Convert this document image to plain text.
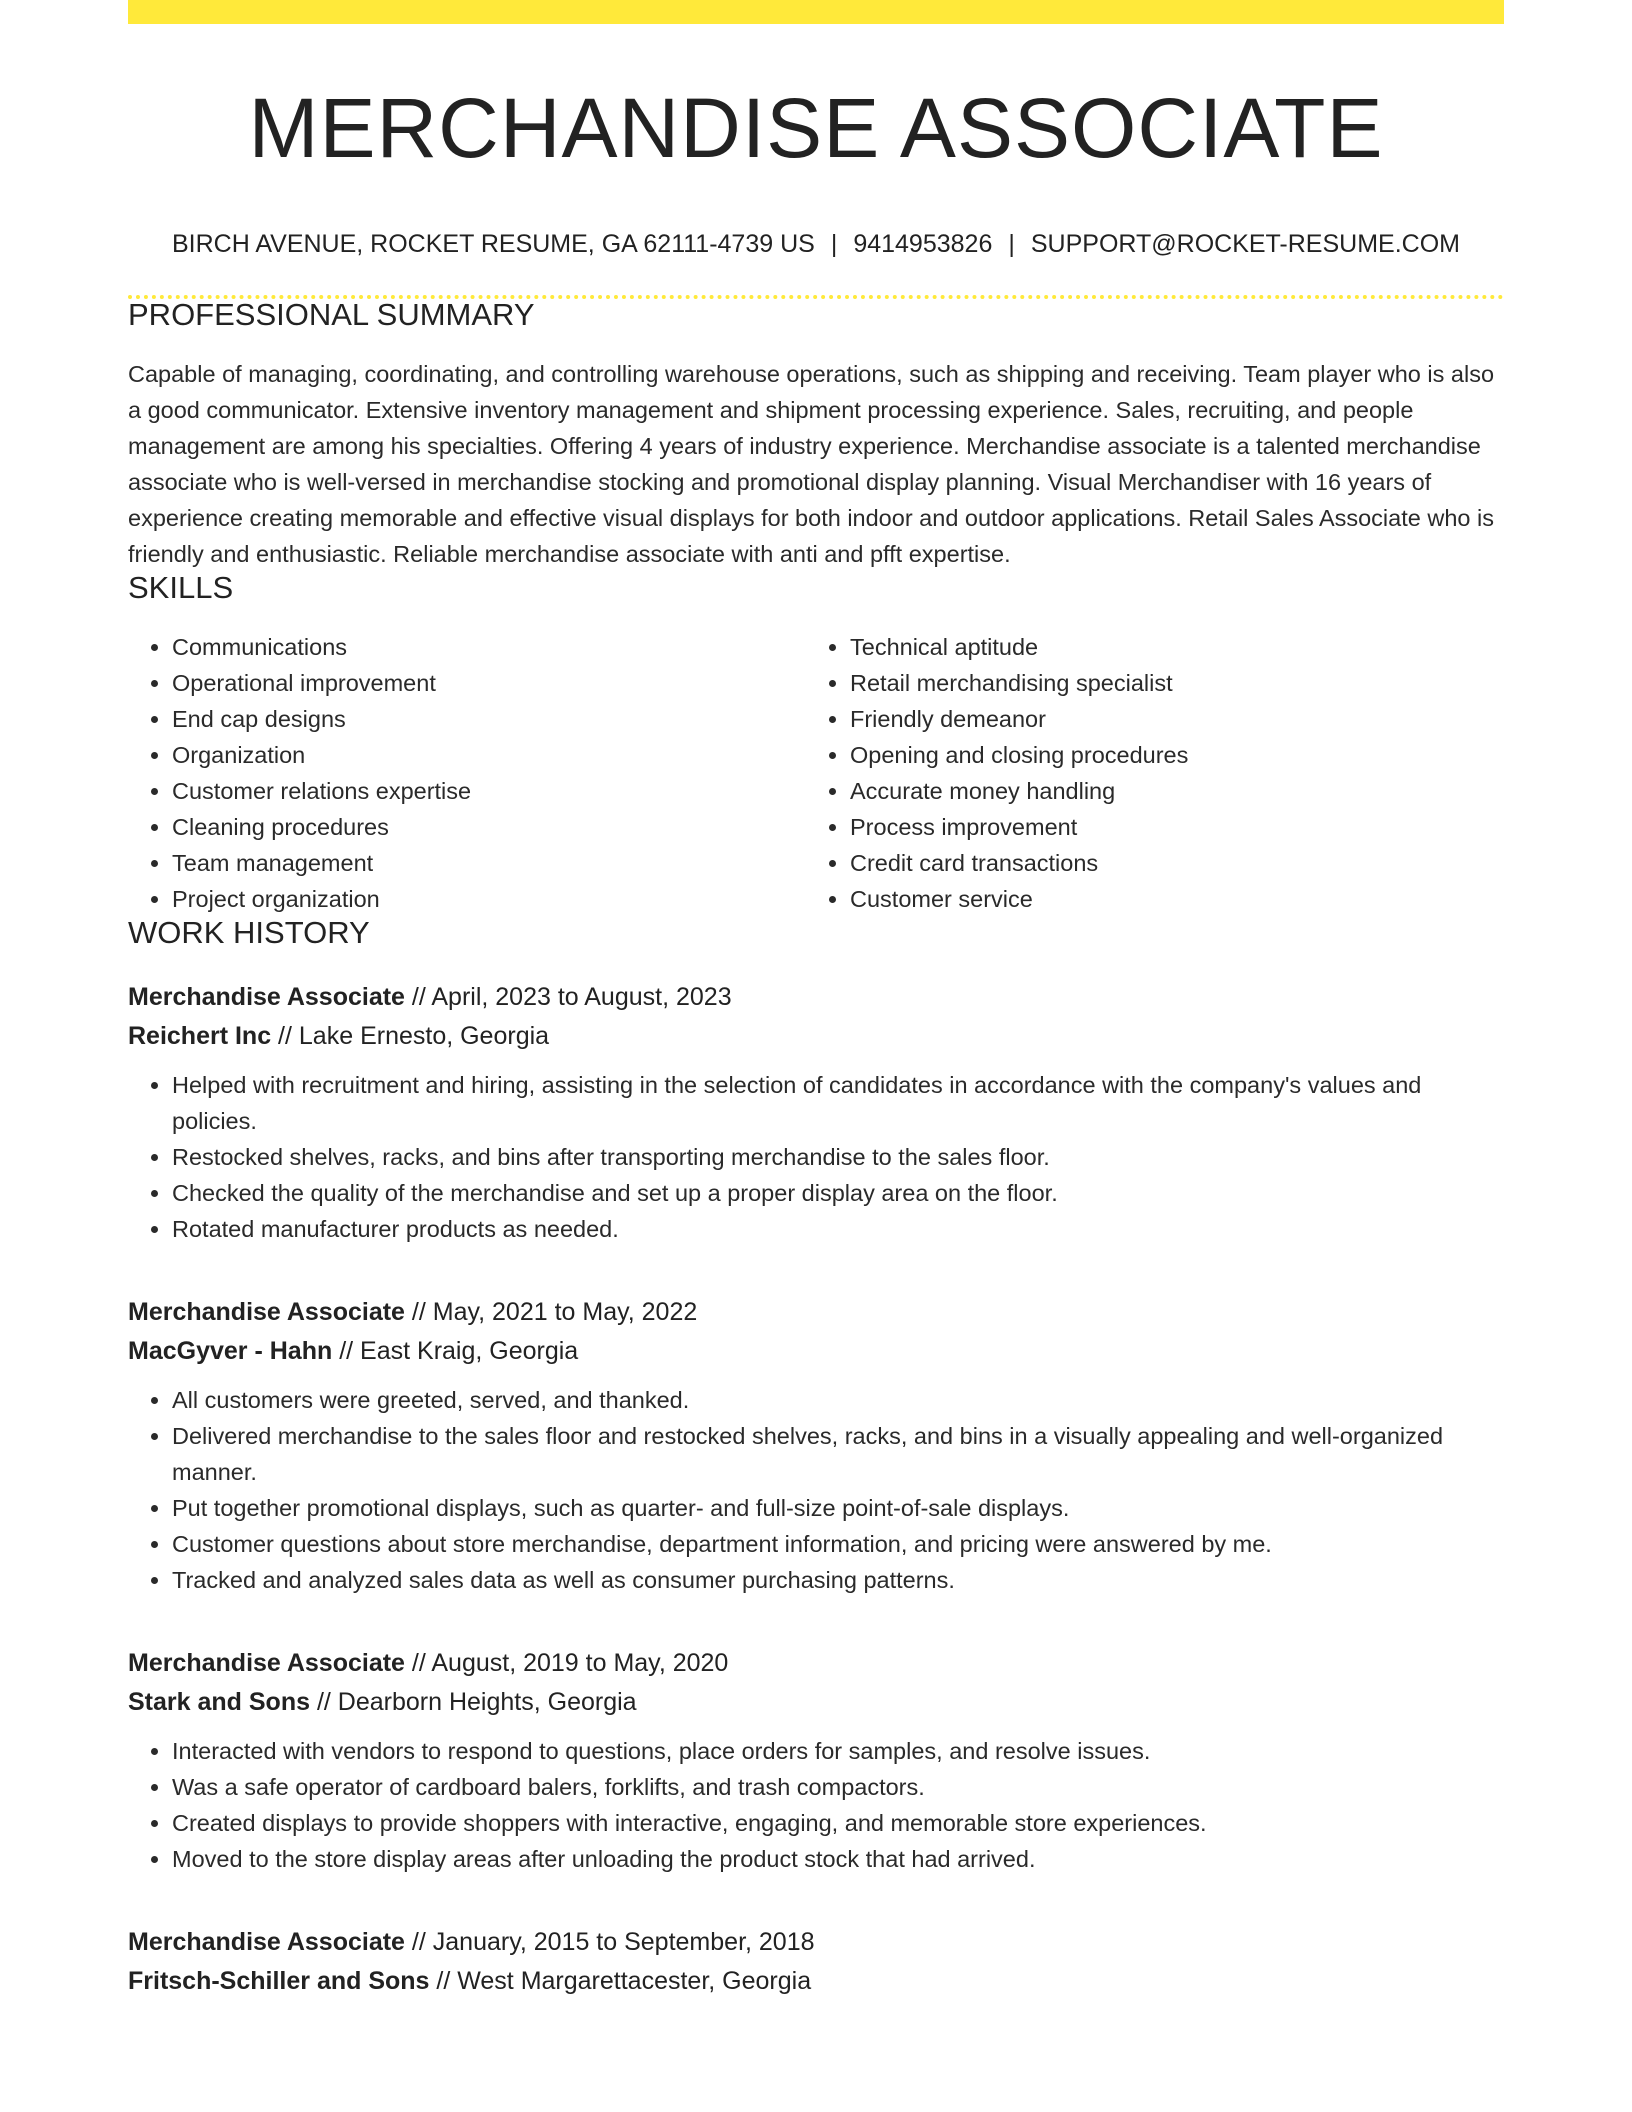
MERCHANDISE ASSOCIATE
BIRCH AVENUE, ROCKET RESUME, GA 62111-4739 US | 9414953826 | SUPPORT@ROCKET-RESUME.COM
PROFESSIONAL SUMMARY
Capable of managing, coordinating, and controlling warehouse operations, such as shipping and receiving. Team player who is also a good communicator. Extensive inventory management and shipment processing experience. Sales, recruiting, and people management are among his specialties. Offering 4 years of industry experience. Merchandise associate is a talented merchandise associate who is well-versed in merchandise stocking and promotional display planning. Visual Merchandiser with 16 years of experience creating memorable and effective visual displays for both indoor and outdoor applications. Retail Sales Associate who is friendly and enthusiastic. Reliable merchandise associate with anti and pfft expertise.
SKILLS
• Communications
• Operational improvement
• End cap designs
• Organization
• Customer relations expertise
• Cleaning procedures
• Team management
• Project organization
• Technical aptitude
• Retail merchandising specialist
• Friendly demeanor
• Opening and closing procedures
• Accurate money handling
• Process improvement
• Credit card transactions
• Customer service
WORK HISTORY
Merchandise Associate // April, 2023 to August, 2023
Reichert Inc // Lake Ernesto, Georgia
• Helped with recruitment and hiring, assisting in the selection of candidates in accordance with the company's values and policies.
• Restocked shelves, racks, and bins after transporting merchandise to the sales floor.
• Checked the quality of the merchandise and set up a proper display area on the floor.
• Rotated manufacturer products as needed.
Merchandise Associate // May, 2021 to May, 2022
MacGyver - Hahn // East Kraig, Georgia
• All customers were greeted, served, and thanked.
• Delivered merchandise to the sales floor and restocked shelves, racks, and bins in a visually appealing and well-organized manner.
• Put together promotional displays, such as quarter- and full-size point-of-sale displays.
• Customer questions about store merchandise, department information, and pricing were answered by me.
• Tracked and analyzed sales data as well as consumer purchasing patterns.
Merchandise Associate // August, 2019 to May, 2020
Stark and Sons // Dearborn Heights, Georgia
• Interacted with vendors to respond to questions, place orders for samples, and resolve issues.
• Was a safe operator of cardboard balers, forklifts, and trash compactors.
• Created displays to provide shoppers with interactive, engaging, and memorable store experiences.
• Moved to the store display areas after unloading the product stock that had arrived.
Merchandise Associate // January, 2015 to September, 2018
Fritsch-Schiller and Sons // West Margarettacester, Georgia
